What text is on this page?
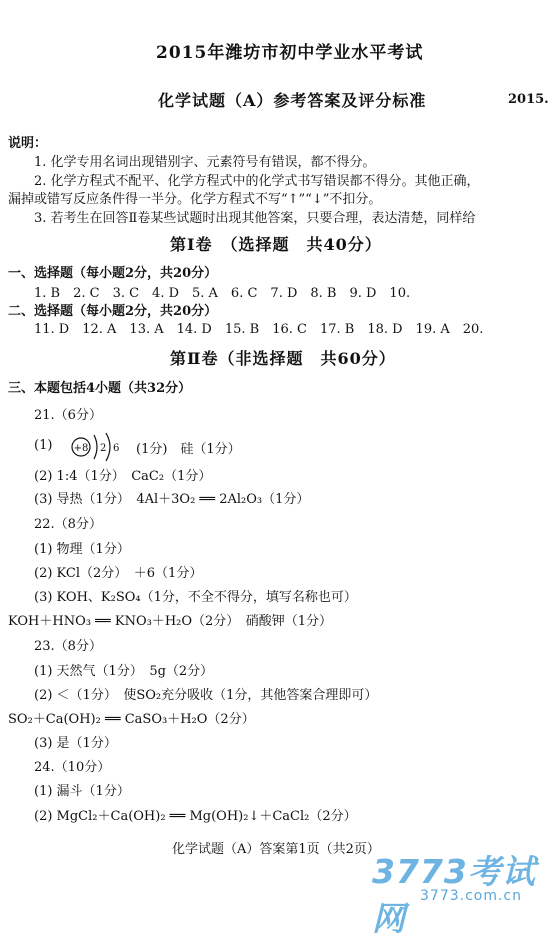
2015年潍坊市初中学业水平考试
化学试题（A）参考答案及评分标准	2015.
说明：
1. 化学专用名词出现错别字、元素符号有错误，都不得分。
2. 化学方程式不配平、化学方程式中的化学式书写错误都不得分。其他正确，
漏掉或错写反应条件得一半分。化学方程式不写“↑”“↓”不扣分。
3. 若考生在回答Ⅱ卷某些试题时出现其他答案，只要合理，表达清楚，同样给
第Ⅰ卷　（选择题　共40分）
一、选择题（每小题2分，共20分）
1. B　2. C　3. C　4. D　5. A　6. C　7. D　8. B　9. D　10.
二、选择题（每小题2分，共20分）
11. D　12. A　13. A　14. D　15. B　16. C　17. B　18. D　19. A　20.
第Ⅱ卷（非选择题　共60分）
三、本题包括4小题（共32分）
21.（6分）
(1) +8 2 6 (1分)　硅（1分）
(2) 1:4（1分）　CaC₂（1分）
(3) 导热（1分）　4Al＋3O₂ ══ 2Al₂O₃（1分）
22.（8分）
(1) 物理（1分）
(2) KCl（2分）　＋6（1分）
(3) KOH、K₂SO₄（1分，不全不得分，填写名称也可）
KOH＋HNO₃ ══ KNO₃＋H₂O（2分）　硝酸钾（1分）
23.（8分）
(1) 天然气（1分）　5g（2分）
(2) ＜（1分）　使SO₂充分吸收（1分，其他答案合理即可）
SO₂＋Ca(OH)₂ ══ CaSO₃＋H₂O（2分）
(3) 是（1分）
24.（10分）
(1) 漏斗（1分）
(2) MgCl₂＋Ca(OH)₂ ══ Mg(OH)₂↓＋CaCl₂（2分）
化学试题（A）答案第1页（共2页）
3773考试网
3773.com.cn
